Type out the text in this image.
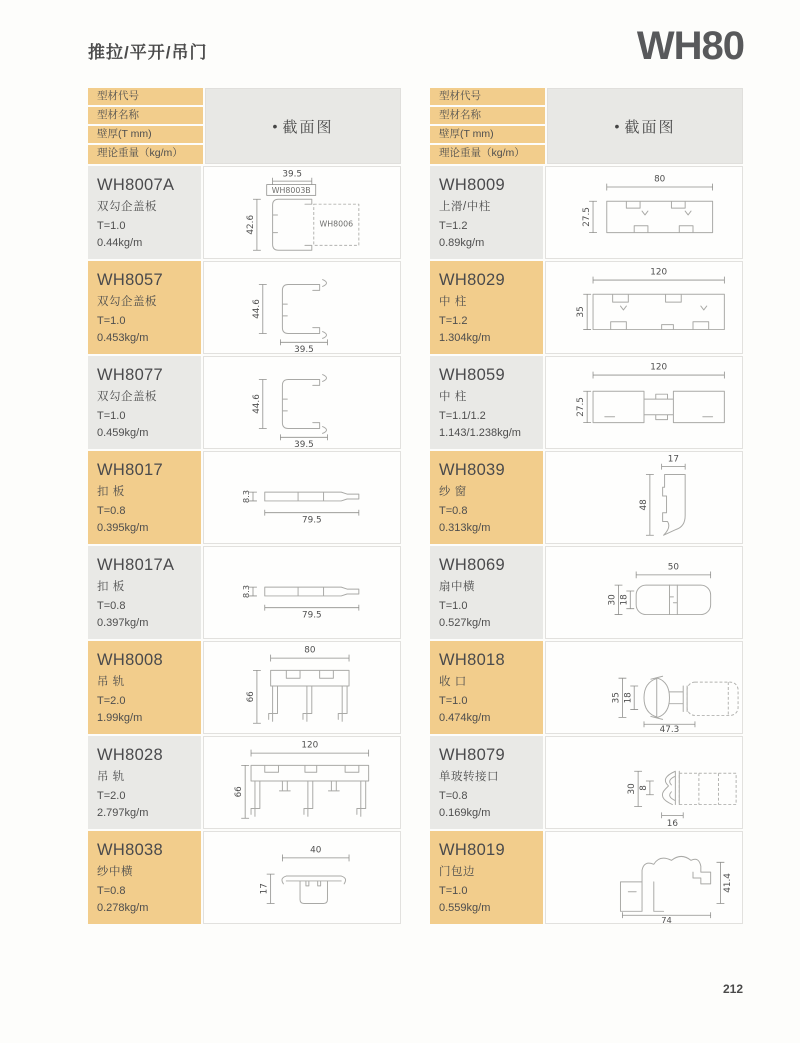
推拉/平开/吊门	WH80
型材代号
型材名称
壁厚(T mm)
理论重量（kg/m）
• 截面图
WH8007A
双勾企盖板
T=1.0
0.44kg/m
39.5
WH8003B
42.6	WH8006
WH8057
双勾企盖板
T=1.0
0.453kg/m
44.6
39.5
WH8077
双勾企盖板
T=1.0
0.459kg/m
44.6
39.5
WH8017
扣 板
T=0.8
0.395kg/m
8.3
79.5
WH8017A
扣 板
T=0.8
0.397kg/m
8.3
79.5
WH8008
吊 轨
T=2.0
1.99kg/m
80
66
WH8028
吊 轨
T=2.0
2.797kg/m
120
66
WH8038
纱中横
T=0.8
0.278kg/m
40
17
型材代号
型材名称
壁厚(T mm)
理论重量（kg/m）
• 截面图
WH8009
上滑/中柱
T=1.2
0.89kg/m
80
27.5
WH8029
中 柱
T=1.2
1.304kg/m
120
35
WH8059
中 柱
T=1.1/1.2
1.143/1.238kg/m
120
27.5
WH8039
纱 窗
T=0.8
0.313kg/m
17
48
WH8069
扇中横
T=1.0
0.527kg/m
50
30 18
WH8018
收 口
T=1.0
0.474kg/m
35 18
47.3
WH8079
单玻转接口
T=0.8
0.169kg/m
30 8
16
WH8019
门包边
T=1.0
0.559kg/m
41.4
74
212
